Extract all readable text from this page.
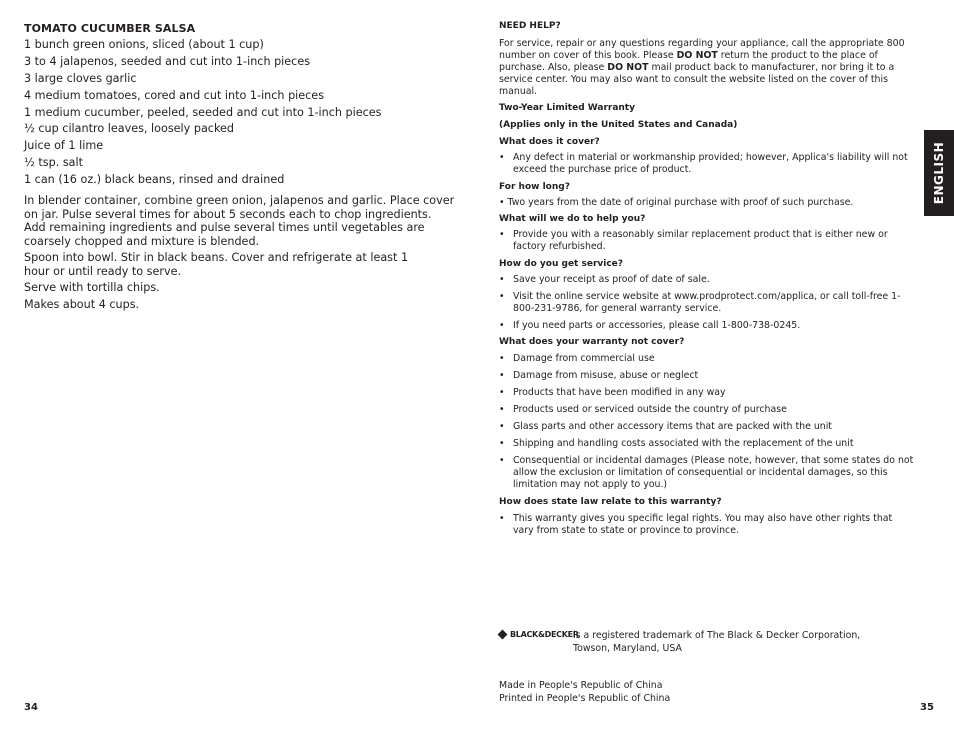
TOMATO CUCUMBER SALSA
1 bunch green onions, sliced (about 1 cup)
3 to 4 jalapenos, seeded and cut into 1-inch pieces
3 large cloves garlic
4 medium tomatoes, cored and cut into 1-inch pieces
1 medium cucumber, peeled, seeded and cut into 1-inch pieces
½ cup cilantro leaves, loosely packed
Juice of 1 lime
½ tsp. salt
1 can (16 oz.) black beans, rinsed and drained

In blender container, combine green onion, jalapenos and garlic. Place cover on jar. Pulse several times for about 5 seconds each to chop ingredients.

Add remaining ingredients and pulse several times until vegetables are coarsely chopped and mixture is blended.

Spoon into bowl. Stir in black beans. Cover and refrigerate at least 1 hour or until ready to serve.

Serve with tortilla chips.

Makes about 4 cups.

34

NEED HELP?

For service, repair or any questions regarding your appliance, call the appropriate 800 number on cover of this book. Please DO NOT return the product to the place of purchase. Also, please DO NOT mail product back to manufacturer, nor bring it to a service center. You may also want to consult the website listed on the cover of this manual.

Two-Year Limited Warranty

(Applies only in the United States and Canada)

What does it cover?

• Any defect in material or workmanship provided; however, Applica's liability will not exceed the purchase price of product.

For how long?

• Two years from the date of original purchase with proof of such purchase.

What will we do to help you?

• Provide you with a reasonably similar replacement product that is either new or factory refurbished.

How do you get service?

• Save your receipt as proof of date of sale.
• Visit the online service website at www.prodprotect.com/applica, or call toll-free 1-800-231-9786, for general warranty service.
• If you need parts or accessories, please call 1-800-738-0245.

What does your warranty not cover?

• Damage from commercial use
• Damage from misuse, abuse or neglect
• Products that have been modified in any way
• Products used or serviced outside the country of purchase
• Glass parts and other accessory items that are packed with the unit
• Shipping and handling costs associated with the replacement of the unit
• Consequential or incidental damages (Please note, however, that some states do not allow the exclusion or limitation of consequential or incidental damages, so this limitation may not apply to you.)

How does state law relate to this warranty?

• This warranty gives you specific legal rights. You may also have other rights that vary from state to state or province to province.
ENGLISH
BLACK&DECKER
is a registered trademark of The Black & Decker Corporation, Towson, Maryland, USA
Made in People's Republic of China
Printed in People's Republic of China
35
